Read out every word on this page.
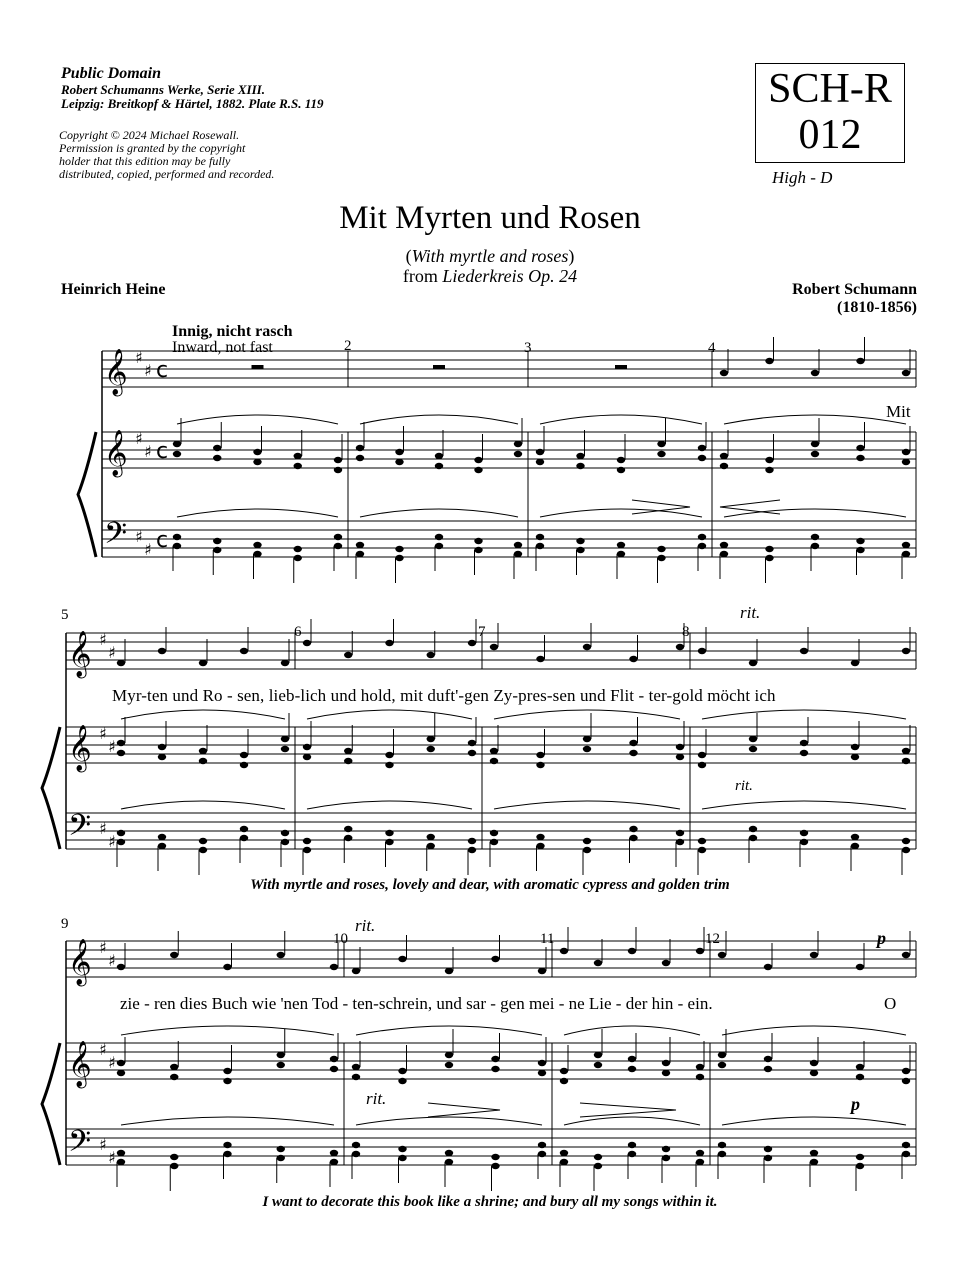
Public Domain
Robert Schumanns Werke, Serie XIII.
Leipzig: Breitkopf & Härtel, 1882. Plate R.S. 119
Copyright © 2024 Michael Rosewall.
Permission is granted by the copyright
holder that this edition may be fully
distributed, copied, performed and recorded.
SCH-R
012
High - D
Mit Myrten und Rosen
(With myrtle and roses)
from Liederkreis Op. 24
Heinrich Heine	Robert Schumann
(1810-1856)
Innig, nicht rasch
Inward, not fast	2	3	4
Mit
5
6	7	8
rit.
Myr-ten und Ro - sen, lieb-lich und hold, mit duft'-gen Zy-pres-sen und Flit - ter-gold möcht ich
rit.
With myrtle and roses, lovely and dear, with aromatic cypress and golden trim
9
10	11	12
rit.
p
zie - ren dies Buch wie 'nen Tod - ten-schrein, und sar - gen mei - ne Lie - der hin - ein.	O
rit.	p
I want to decorate this book like a shrine; and bury all my songs within it.
𝄞
𝄞
𝄢
♯
♯
♯
♯
♯
♯
c
c
c
𝄞
𝄞
𝄢
♯
♯
♯
♯
♯
♯
𝄞
𝄞
𝄢
♯
♯
♯
♯
♯
♯
